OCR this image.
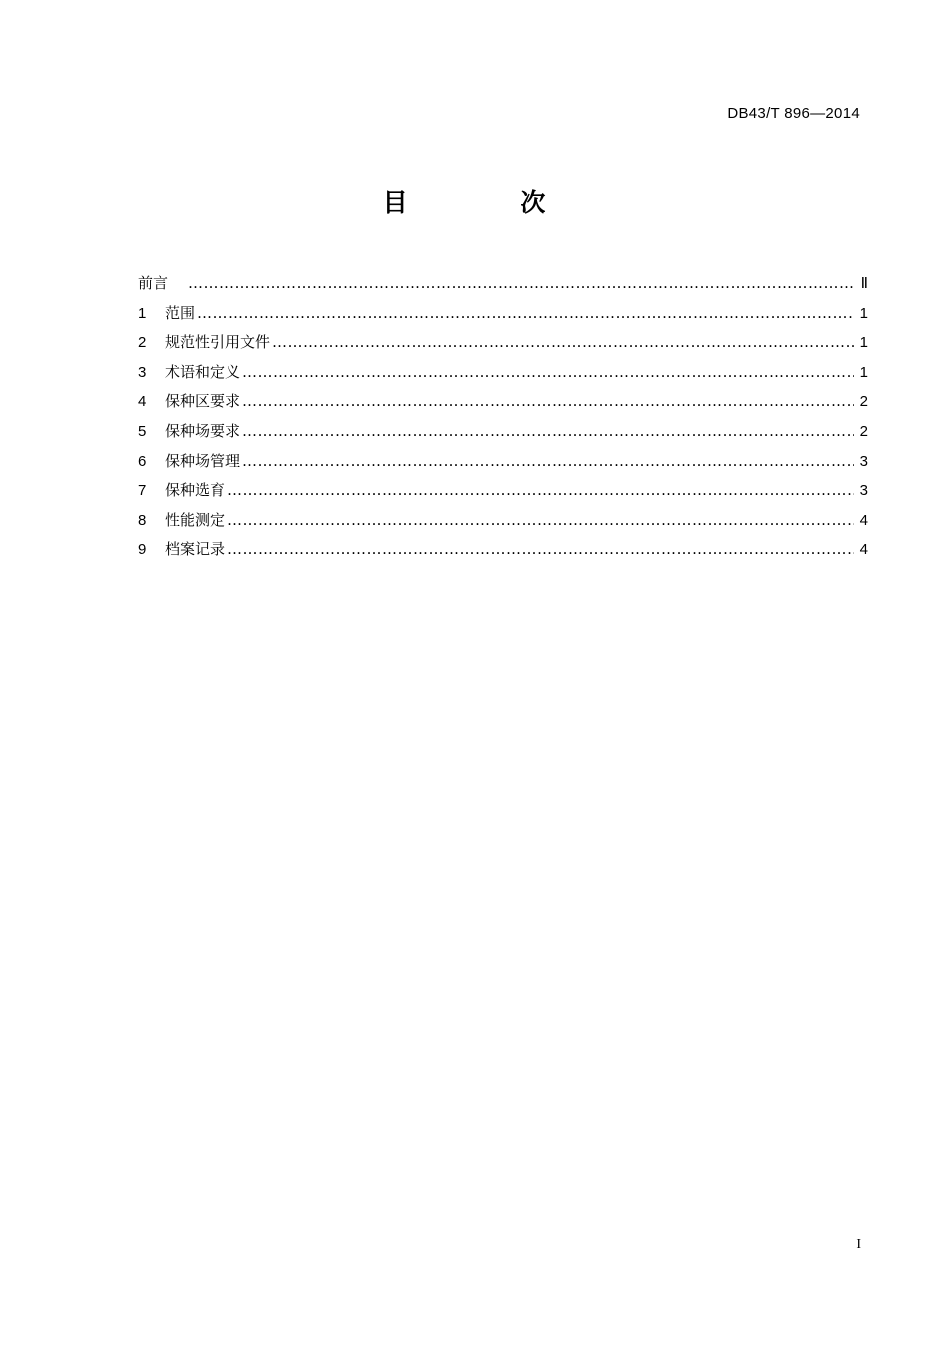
DB43/T 896—2014
目 次
前言 ……………………………………………………………………………………………………………………………………………………………………………………………………………………………………………………………………	Ⅱ
1	范围 ……………………………………………………………………………………………………………………………………………………………………………………………………………………………………………………………………	1
2	规范性引用文件 ……………………………………………………………………………………………………………………………………………………………………………………………………………………………………………………………………	1
3	术语和定义 ……………………………………………………………………………………………………………………………………………………………………………………………………………………………………………………………………	1
4	保种区要求 ……………………………………………………………………………………………………………………………………………………………………………………………………………………………………………………………………	2
5	保种场要求 ……………………………………………………………………………………………………………………………………………………………………………………………………………………………………………………………………	2
6	保种场管理 ……………………………………………………………………………………………………………………………………………………………………………………………………………………………………………………………………	3
7	保种选育 ……………………………………………………………………………………………………………………………………………………………………………………………………………………………………………………………………	3
8	性能测定 ……………………………………………………………………………………………………………………………………………………………………………………………………………………………………………………………………	4
9	档案记录 ……………………………………………………………………………………………………………………………………………………………………………………………………………………………………………………………………	4
I
